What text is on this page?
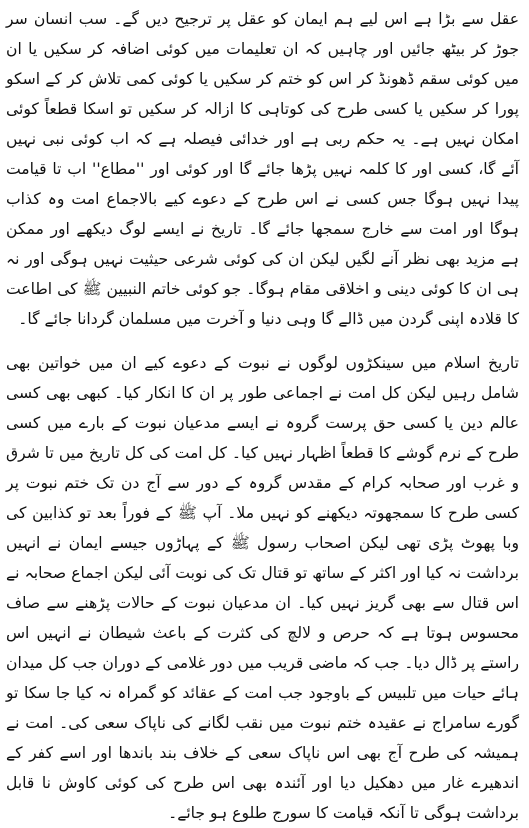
عقل سے بڑا ہے اس لیے ہم ایمان کو عقل پر ترجیح دیں گے۔ سب انسان سر جوڑ کر بیٹھ جائیں اور چاہیں کہ ان تعلیمات میں کوئی اضافہ کر سکیں یا ان میں کوئی سقم ڈھونڈ کر اس کو ختم کر سکیں یا کوئی کمی تلاش کر کے اسکو پورا کر سکیں یا کسی طرح کی کوتاہی کا ازالہ کر سکیں تو اسکا قطعاً کوئی امکان نہیں ہے۔ یہ حکم ربی ہے اور خدائی فیصلہ ہے کہ اب کوئی نبی نہیں آئے گا، کسی اور کا کلمہ نہیں پڑھا جائے گا اور کوئی اور ''مطاع'' اب تا قیامت پیدا نہیں ہوگا جس کسی نے اس طرح کے دعوے کیے بالاجماع امت وہ کذاب ہوگا اور امت سے خارج سمجھا جائے گا۔ تاریخ نے ایسے لوگ دیکھے اور ممکن ہے مزید بھی نظر آنے لگیں لیکن ان کی کوئی شرعی حیثیت نہیں ہوگی اور نہ ہی ان کا کوئی دینی و اخلاقی مقام ہوگا۔ جو کوئی خاتم النبیین ﷺ کی اطاعت کا قلادہ اپنی گردن میں ڈالے گا وہی دنیا و آخرت میں مسلمان گردانا جائے گا۔

تاریخ اسلام میں سینکڑوں لوگوں نے نبوت کے دعوے کیے ان میں خواتین بھی شامل رہیں لیکن کل امت نے اجماعی طور پر ان کا انکار کیا۔ کبھی بھی کسی عالم دین یا کسی حق پرست گروہ نے ایسے مدعیان نبوت کے بارے میں کسی طرح کے نرم گوشے کا قطعاً اظہار نہیں کیا۔ کل امت کی کل تاریخ میں تا شرق و غرب اور صحابہ کرام کے مقدس گروہ کے دور سے آج دن تک ختم نبوت پر کسی طرح کا سمجھوتہ دیکھنے کو نہیں ملا۔ آپ ﷺ کے فوراً بعد تو کذابین کی وبا پھوٹ پڑی تھی لیکن اصحاب رسول ﷺ کے پہاڑوں جیسے ایمان نے انہیں برداشت نہ کیا اور اکثر کے ساتھ تو قتال تک کی نوبت آئی لیکن اجماع صحابہ نے اس قتال سے بھی گریز نہیں کیا۔ ان مدعیان نبوت کے حالات پڑھنے سے صاف محسوس ہوتا ہے کہ حرص و لالچ کی کثرت کے باعث شیطان نے انہیں اس راستے پر ڈال دیا۔ جب کہ ماضی قریب میں دور غلامی کے دوران جب کل میدان ہائے حیات میں تلبیس کے باوجود جب امت کے عقائد کو گمراہ نہ کیا جا سکا تو گورے سامراج نے عقیدہ ختم نبوت میں نقب لگانے کی ناپاک سعی کی۔ امت نے ہمیشہ کی طرح آج بھی اس ناپاک سعی کے خلاف بند باندھا اور اسے کفر کے اندھیرے غار میں دھکیل دیا اور آئندہ بھی اس طرح کی کوئی کاوش نا قابل برداشت ہوگی تا آنکہ قیامت کا سورج طلوع ہو جائے۔
